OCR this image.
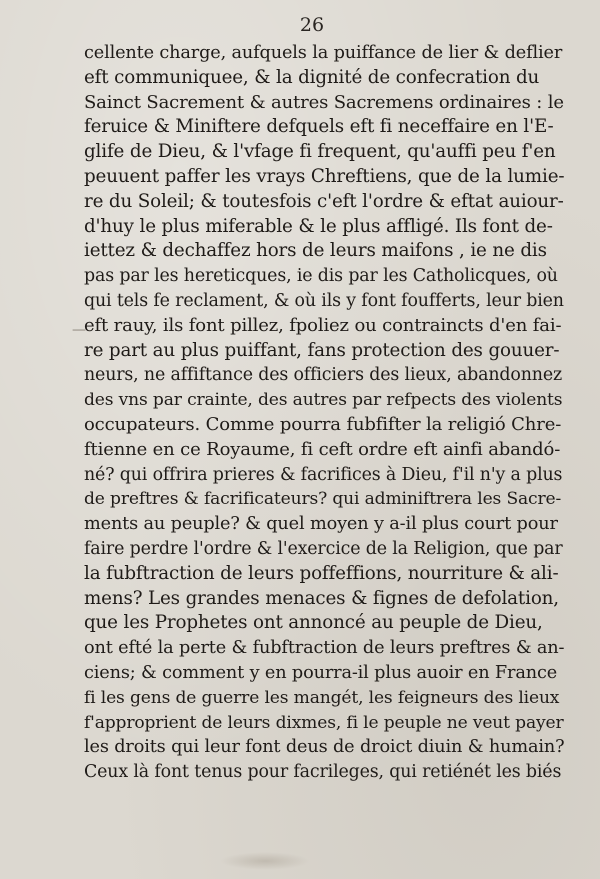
26
—
cellente charge, aufquels la puiffance de lier & deflier
eft communiquee, & la dignité de confecration du
Sainct Sacrement & autres Sacremens ordinaires : le
feruice & Miniftere defquels eft fi neceffaire en l'E-
glife de Dieu, & l'vfage fi frequent, qu'auffi peu f'en
peuuent paffer les vrays Chreftiens, que de la lumie-
re du Soleil; & toutesfois c'eft l'ordre & eftat auiour-
d'huy le plus miferable & le plus affligé. Ils font de-
iettez & dechaffez hors de leurs maifons , ie ne dis
pas par les hereticques, ie dis par les Catholicques, où
qui tels fe reclament, & où ils y font foufferts, leur bien
eft rauy, ils font pillez, fpoliez ou contraincts d'en fai-
re part au plus puiffant, fans protection des gouuer-
neurs, ne affiftance des officiers des lieux, abandonnez
des vns par crainte, des autres par refpects des violents
occupateurs. Comme pourra fubfifter la religió Chre-
ftienne en ce Royaume, fi ceft ordre eft ainfi abandó-
né? qui offrira prieres & facrifices à Dieu, f'il n'y a plus
de preftres & facrificateurs? qui adminiftrera les Sacre-
ments au peuple? & quel moyen y a-il plus court pour
faire perdre l'ordre & l'exercice de la Religion, que par
la fubftraction de leurs poffeffions, nourriture & ali-
mens? Les grandes menaces & fignes de defolation,
que les Prophetes ont annoncé au peuple de Dieu,
ont efté la perte & fubftraction de leurs preftres & an-
ciens; & comment y en pourra-il plus auoir en France
fi les gens de guerre les mangét, les feigneurs des lieux
f'approprient de leurs dixmes, fi le peuple ne veut payer
les droits qui leur font deus de droict diuin & humain?
Ceux là font tenus pour facrileges, qui retiénét les biés
